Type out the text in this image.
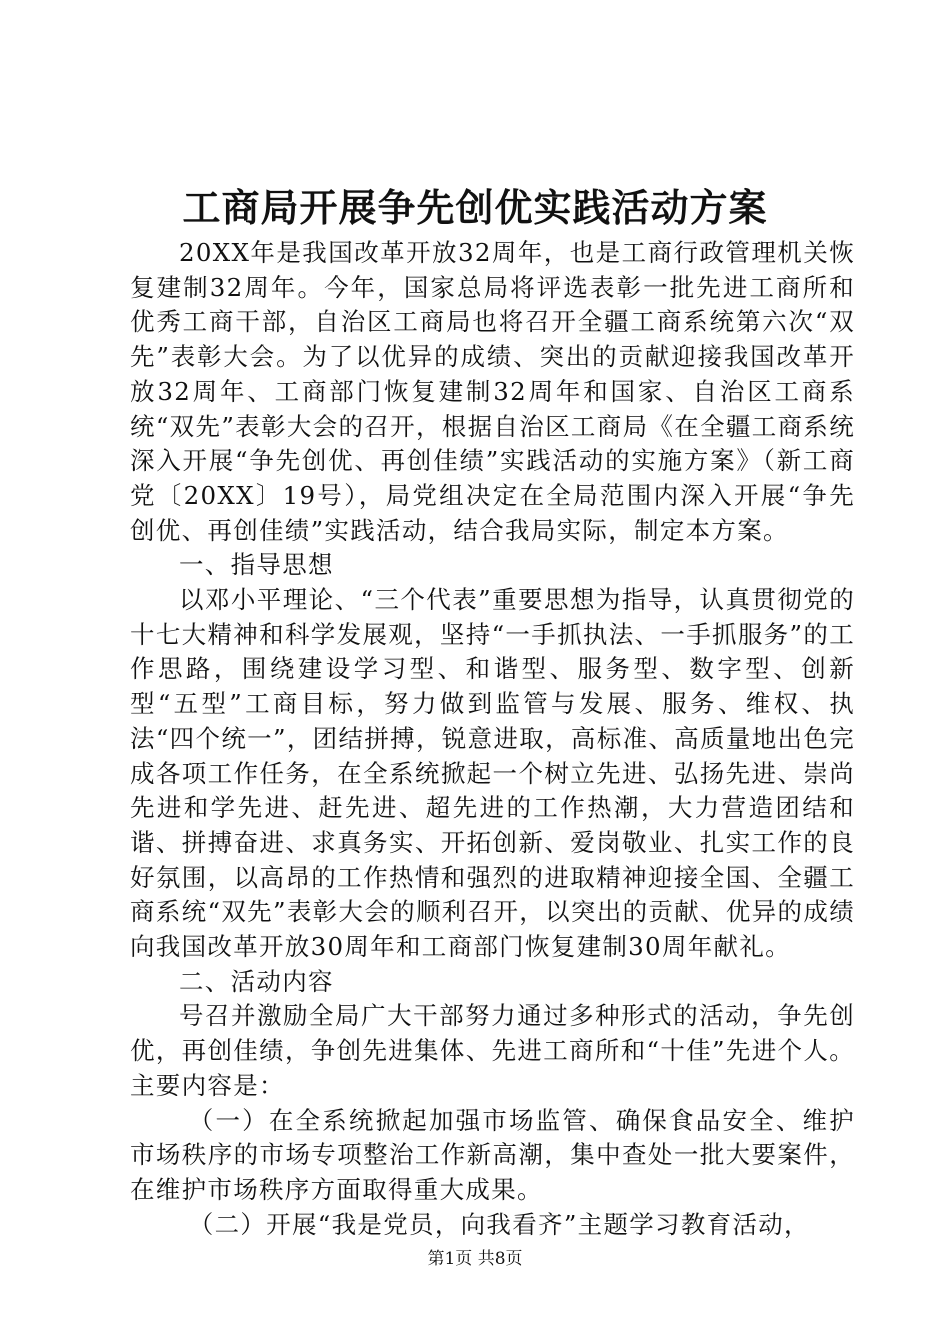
工商局开展争先创优实践活动方案

20XX年是我国改革开放32周年，也是工商行政管理机关恢复建制32周年。今年，国家总局将评选表彰一批先进工商所和优秀工商干部，自治区工商局也将召开全疆工商系统第六次“双先”表彰大会。为了以优异的成绩、突出的贡献迎接我国改革开放32周年、工商部门恢复建制32周年和国家、自治区工商系统“双先”表彰大会的召开，根据自治区工商局《在全疆工商系统深入开展“争先创优、再创佳绩”实践活动的实施方案》（新工商党〔20XX〕19号），局党组决定在全局范围内深入开展“争先创优、再创佳绩”实践活动，结合我局实际，制定本方案。

一、指导思想

以邓小平理论、“三个代表”重要思想为指导，认真贯彻党的十七大精神和科学发展观，坚持“一手抓执法、一手抓服务”的工作思路，围绕建设学习型、和谐型、服务型、数字型、创新型“五型”工商目标，努力做到监管与发展、服务、维权、执法“四个统一”，团结拼搏，锐意进取，高标准、高质量地出色完成各项工作任务，在全系统掀起一个树立先进、弘扬先进、崇尚先进和学先进、赶先进、超先进的工作热潮，大力营造团结和谐、拼搏奋进、求真务实、开拓创新、爱岗敬业、扎实工作的良好氛围，以高昂的工作热情和强烈的进取精神迎接全国、全疆工商系统“双先”表彰大会的顺利召开，以突出的贡献、优异的成绩向我国改革开放30周年和工商部门恢复建制30周年献礼。

二、活动内容

号召并激励全局广大干部努力通过多种形式的活动，争先创优，再创佳绩，争创先进集体、先进工商所和“十佳”先进个人。主要内容是：

（一）在全系统掀起加强市场监管、确保食品安全、维护市场秩序的市场专项整治工作新高潮，集中查处一批大要案件，在维护市场秩序方面取得重大成果。

（二）开展“我是党员，向我看齐”主题学习教育活动，

第1页 共8页
